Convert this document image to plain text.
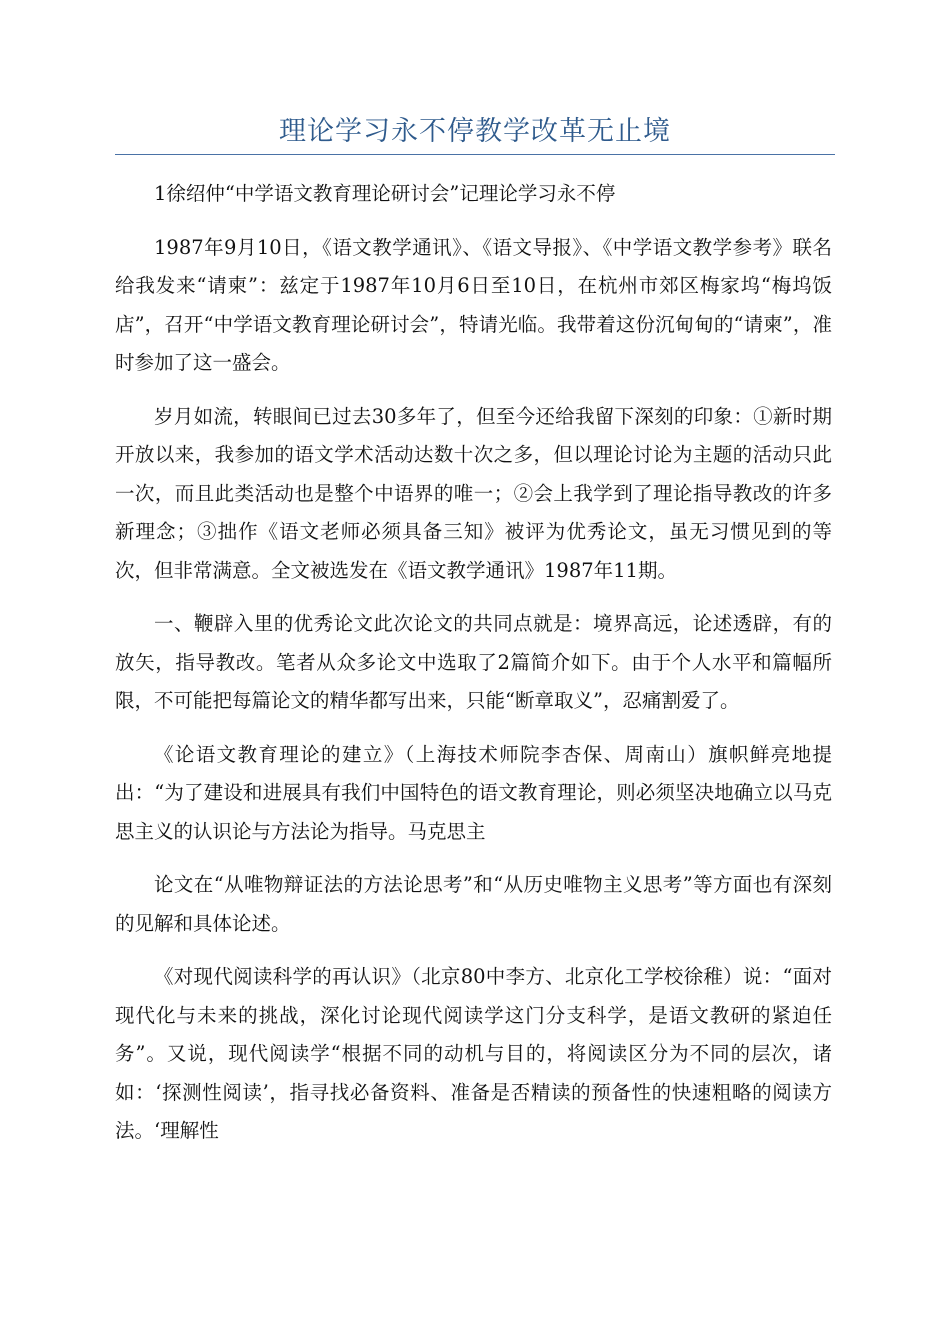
理论学习永不停教学改革无止境

1徐绍仲“中学语文教育理论研讨会”记理论学习永不停

1987年9月10日，《语文教学通讯》、《语文导报》、《中学语文教学参考》联名给我发来“请柬”：兹定于1987年10月6日至10日，在杭州市郊区梅家坞“梅坞饭店”，召开“中学语文教育理论研讨会”，特请光临。我带着这份沉甸甸的“请柬”，准时参加了这一盛会。

岁月如流，转眼间已过去30多年了，但至今还给我留下深刻的印象：①新时期开放以来，我参加的语文学术活动达数十次之多，但以理论讨论为主题的活动只此一次，而且此类活动也是整个中语界的唯一；②会上我学到了理论指导教改的许多新理念；③拙作《语文老师必须具备三知》被评为优秀论文，虽无习惯见到的等次，但非常满意。全文被选发在《语文教学通讯》1987年11期。

一、鞭辟入里的优秀论文此次论文的共同点就是：境界高远，论述透辟，有的放矢，指导教改。笔者从众多论文中选取了2篇简介如下。由于个人水平和篇幅所限，不可能把每篇论文的精华都写出来，只能“断章取义”，忍痛割爱了。

《论语文教育理论的建立》（上海技术师院李杏保、周南山）旗帜鲜亮地提出：“为了建设和进展具有我们中国特色的语文教育理论，则必须坚决地确立以马克思主义的认识论与方法论为指导。马克思主

论文在“从唯物辩证法的方法论思考”和“从历史唯物主义思考”等方面也有深刻的见解和具体论述。

《对现代阅读科学的再认识》（北京80中李方、北京化工学校徐稚）说：“面对现代化与未来的挑战，深化讨论现代阅读学这门分支科学，是语文教研的紧迫任务”。又说，现代阅读学“根据不同的动机与目的，将阅读区分为不同的层次，诸如：‘探测性阅读’，指寻找必备资料、准备是否精读的预备性的快速粗略的阅读方法。‘理解性
